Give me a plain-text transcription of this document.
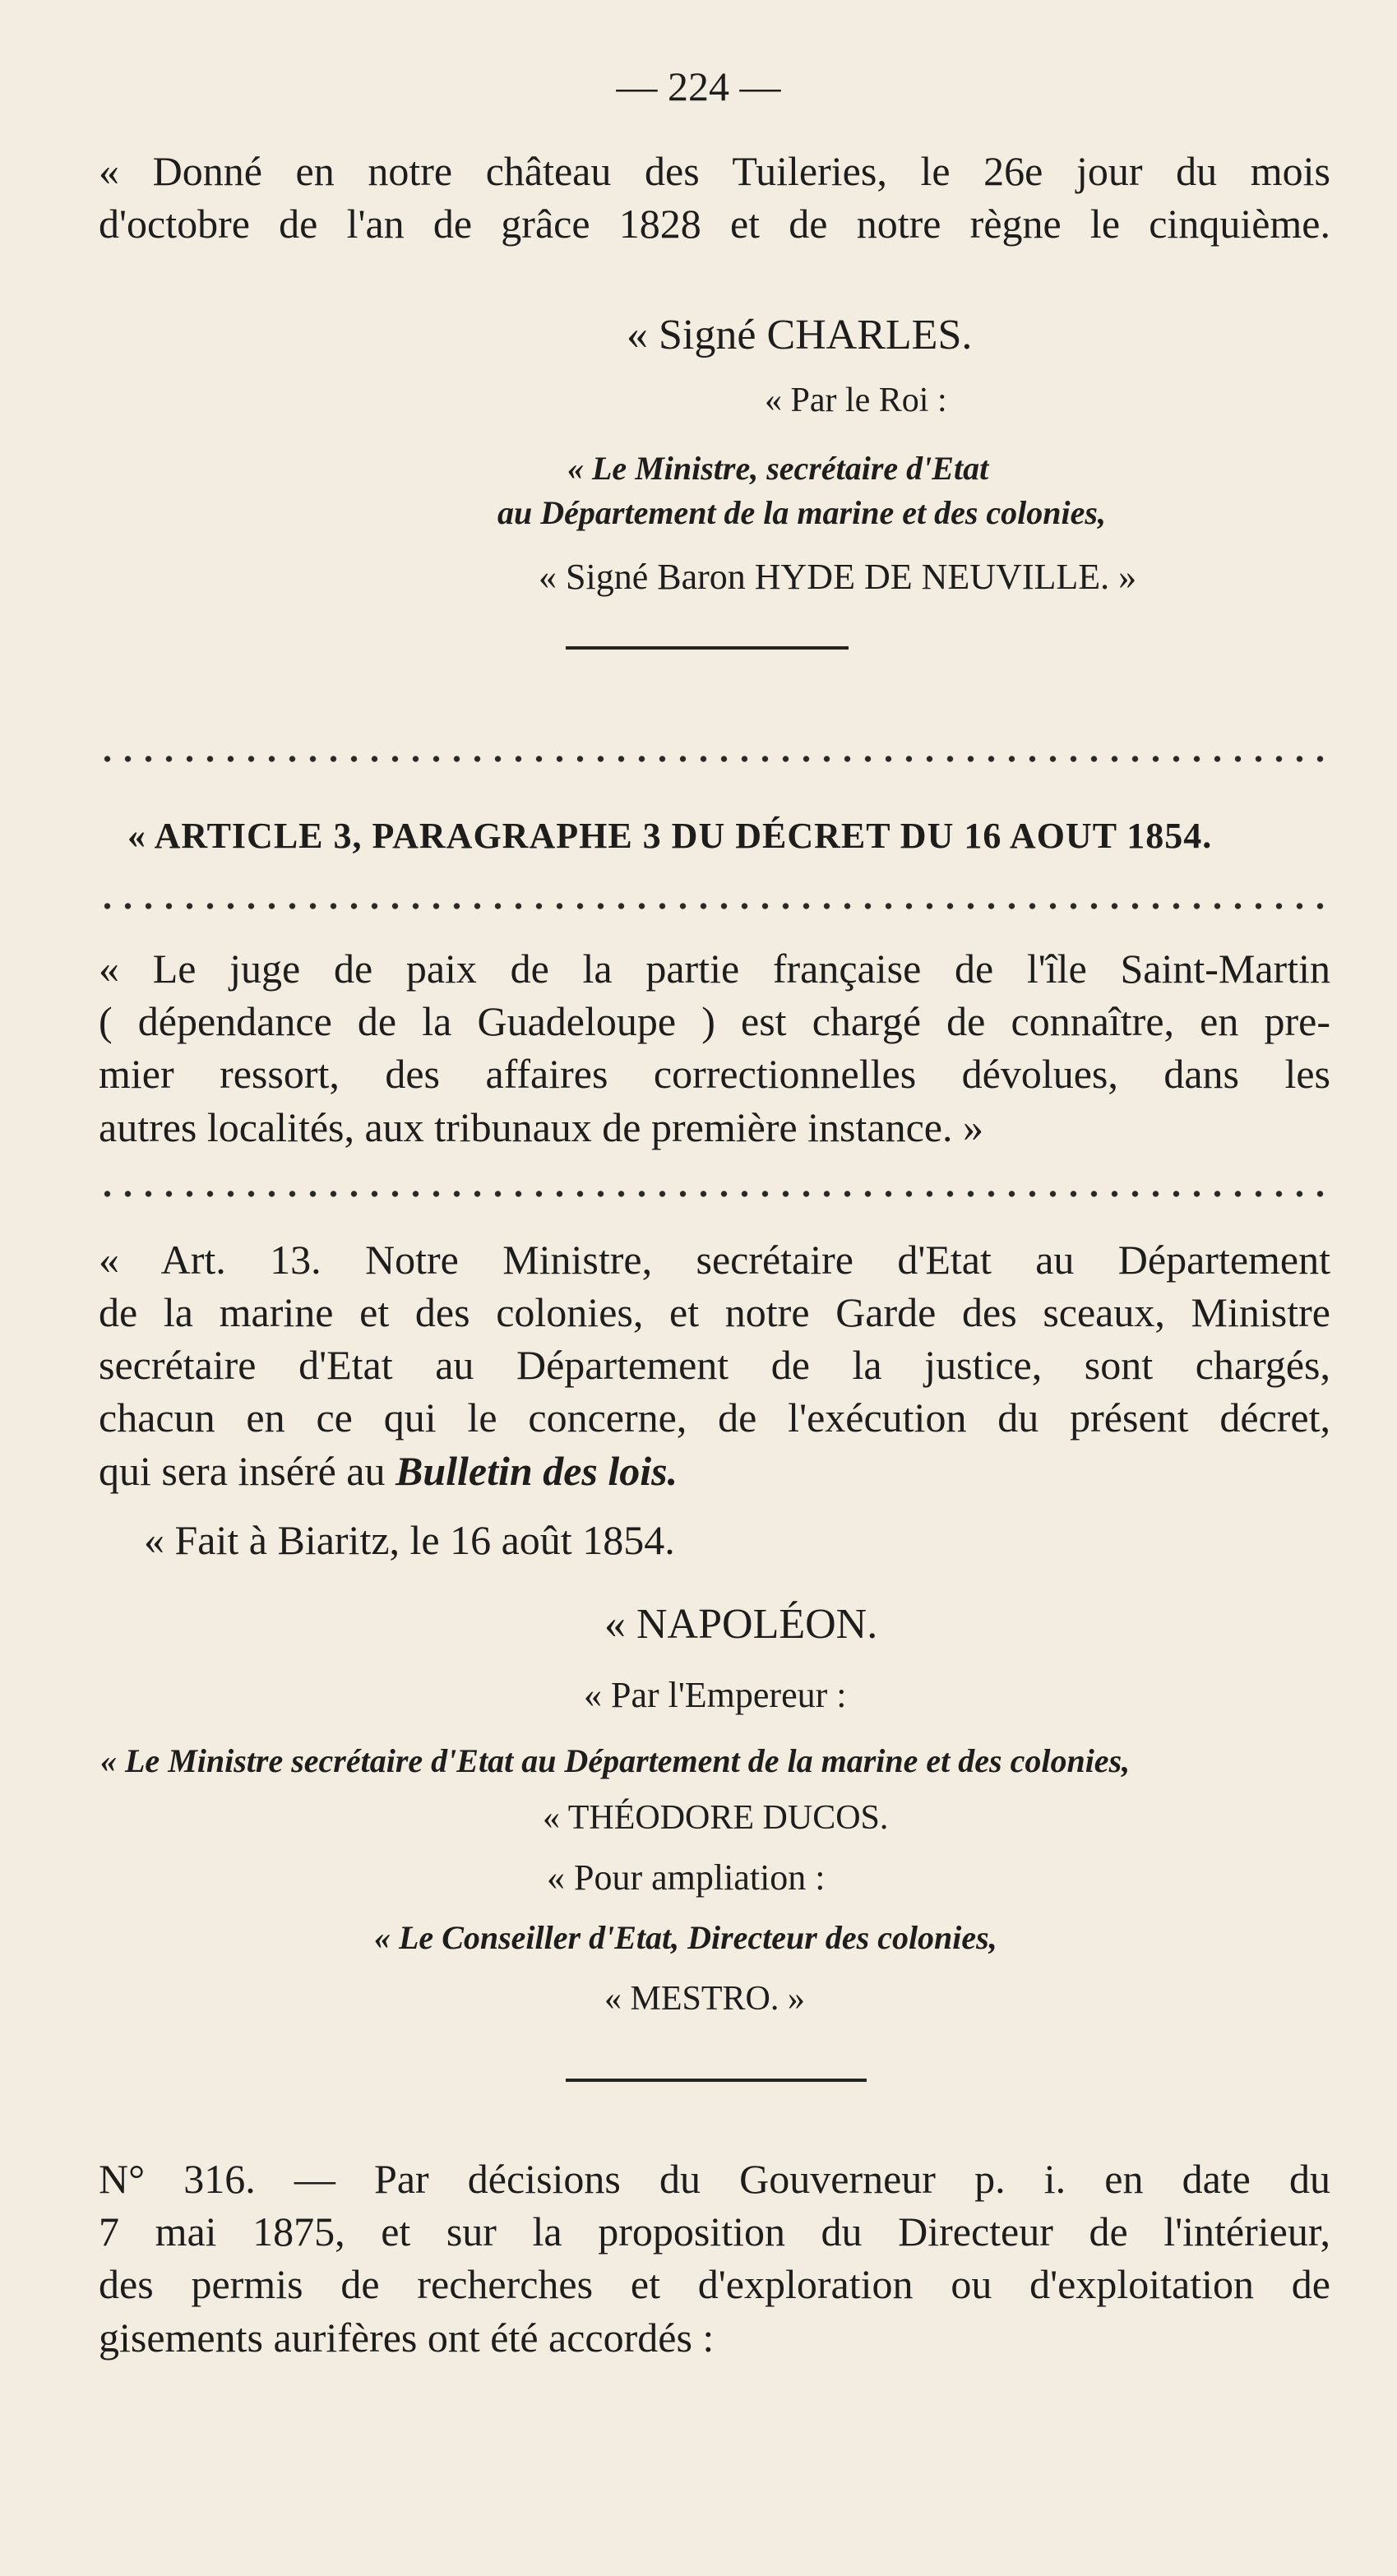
— 224 —
« Donné en notre château des Tuileries, le 26e jour du mois
d'octobre de l'an de grâce 1828 et de notre règne le cinquième.
« Signé CHARLES.
« Par le Roi :
« Le Ministre, secrétaire d'Etat
au Département de la marine et des colonies,
« Signé Baron HYDE DE NEUVILLE. »
« ARTICLE 3, PARAGRAPHE 3 DU DÉCRET DU 16 AOUT 1854.
« Le juge de paix de la partie française de l'île Saint-Martin
( dépendance de la Guadeloupe ) est chargé de connaître, en pre-
mier ressort, des affaires correctionnelles dévolues, dans les
autres localités, aux tribunaux de première instance. »
« Art. 13. Notre Ministre, secrétaire d'Etat au Département
de la marine et des colonies, et notre Garde des sceaux, Ministre
secrétaire d'Etat au Département de la justice, sont chargés,
chacun en ce qui le concerne, de l'exécution du présent décret,
qui sera inséré au Bulletin des lois.
« Fait à Biaritz, le 16 août 1854.
« NAPOLÉON.
« Par l'Empereur :
« Le Ministre secrétaire d'Etat au Département de la marine et des colonies,
« THÉODORE DUCOS.
« Pour ampliation :
« Le Conseiller d'Etat, Directeur des colonies,
« MESTRO. »
N° 316. — Par décisions du Gouverneur p. i. en date du
7 mai 1875, et sur la proposition du Directeur de l'intérieur,
des permis de recherches et d'exploration ou d'exploitation de
gisements aurifères ont été accordés :
